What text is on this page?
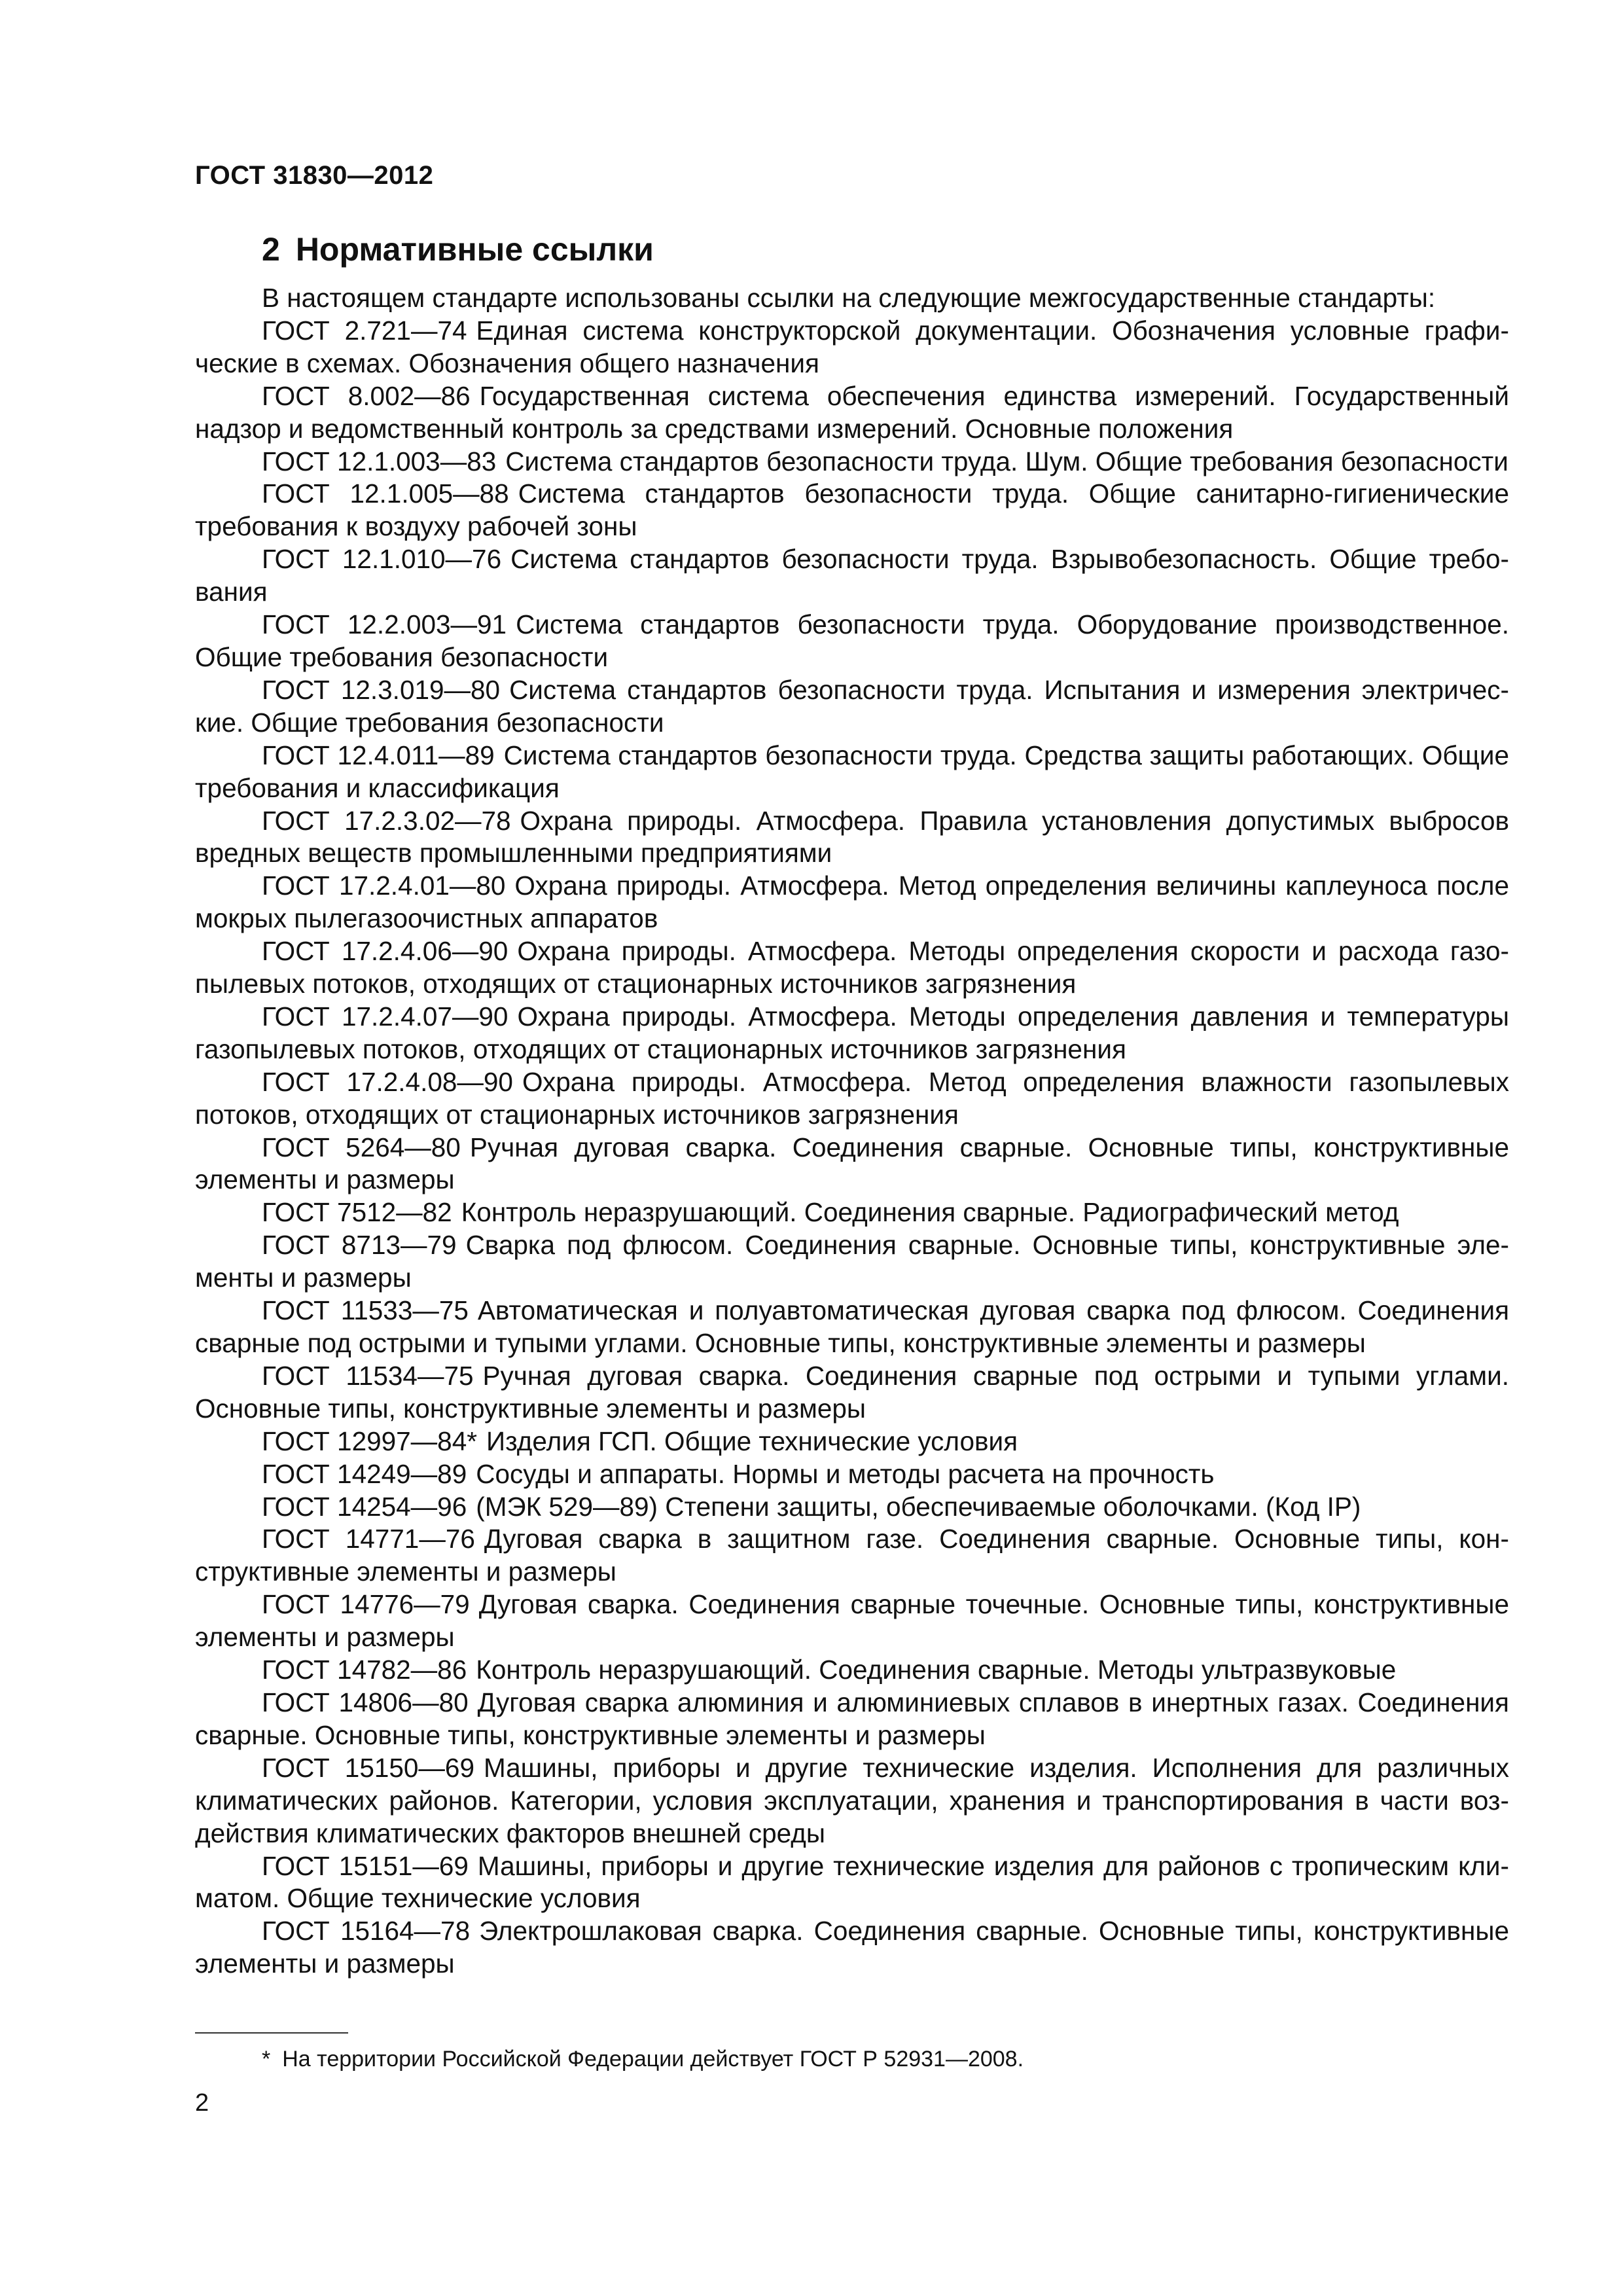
ГОСТ 31830—2012
2 Нормативные ссылки

В настоящем стандарте использованы ссылки на следующие межгосударственные стандарты:

ГОСТ 2.721—74 Единая система конструкторской документации. Обозначения условные графические в схемах. Обозначения общего назначения

ГОСТ 8.002—86 Государственная система обеспечения единства измерений. Государственный надзор и ведомственный контроль за средствами измерений. Основные положения

ГОСТ 12.1.003—83 Система стандартов безопасности труда. Шум. Общие требования безопасности

ГОСТ 12.1.005—88 Система стандартов безопасности труда. Общие санитарно-гигиенические требования к воздуху рабочей зоны

ГОСТ 12.1.010—76 Система стандартов безопасности труда. Взрывобезопасность. Общие требования

ГОСТ 12.2.003—91 Система стандартов безопасности труда. Оборудование производственное. Общие требования безопасности

ГОСТ 12.3.019—80 Система стандартов безопасности труда. Испытания и измерения электрические. Общие требования безопасности

ГОСТ 12.4.011—89 Система стандартов безопасности труда. Средства защиты работающих. Общие требования и классификация

ГОСТ 17.2.3.02—78 Охрана природы. Атмосфера. Правила установления допустимых выбросов вредных веществ промышленными предприятиями

ГОСТ 17.2.4.01—80 Охрана природы. Атмосфера. Метод определения величины каплеуноса после мокрых пылегазоочистных аппаратов

ГОСТ 17.2.4.06—90 Охрана природы. Атмосфера. Методы определения скорости и расхода газопылевых потоков, отходящих от стационарных источников загрязнения

ГОСТ 17.2.4.07—90 Охрана природы. Атмосфера. Методы определения давления и температуры газопылевых потоков, отходящих от стационарных источников загрязнения

ГОСТ 17.2.4.08—90 Охрана природы. Атмосфера. Метод определения влажности газопылевых потоков, отходящих от стационарных источников загрязнения

ГОСТ 5264—80 Ручная дуговая сварка. Соединения сварные. Основные типы, конструктивные элементы и размеры

ГОСТ 7512—82 Контроль неразрушающий. Соединения сварные. Радиографический метод

ГОСТ 8713—79 Сварка под флюсом. Соединения сварные. Основные типы, конструктивные элементы и размеры

ГОСТ 11533—75 Автоматическая и полуавтоматическая дуговая сварка под флюсом. Соединения сварные под острыми и тупыми углами. Основные типы, конструктивные элементы и размеры

ГОСТ 11534—75 Ручная дуговая сварка. Соединения сварные под острыми и тупыми углами. Основные типы, конструктивные элементы и размеры

ГОСТ 12997—84* Изделия ГСП. Общие технические условия

ГОСТ 14249—89 Сосуды и аппараты. Нормы и методы расчета на прочность

ГОСТ 14254—96 (МЭК 529—89) Степени защиты, обеспечиваемые оболочками. (Код IP)

ГОСТ 14771—76 Дуговая сварка в защитном газе. Соединения сварные. Основные типы, конструктивные элементы и размеры

ГОСТ 14776—79 Дуговая сварка. Соединения сварные точечные. Основные типы, конструктивные элементы и размеры

ГОСТ 14782—86 Контроль неразрушающий. Соединения сварные. Методы ультразвуковые

ГОСТ 14806—80 Дуговая сварка алюминия и алюминиевых сплавов в инертных газах. Соединения сварные. Основные типы, конструктивные элементы и размеры

ГОСТ 15150—69 Машины, приборы и другие технические изделия. Исполнения для различных климатических районов. Категории, условия эксплуатации, хранения и транспортирования в части воздействия климатических факторов внешней среды

ГОСТ 15151—69 Машины, приборы и другие технические изделия для районов с тропическим климатом. Общие технические условия

ГОСТ 15164—78 Электрошлаковая сварка. Соединения сварные. Основные типы, конструктивные элементы и размеры

* На территории Российской Федерации действует ГОСТ Р 52931—2008.
2
